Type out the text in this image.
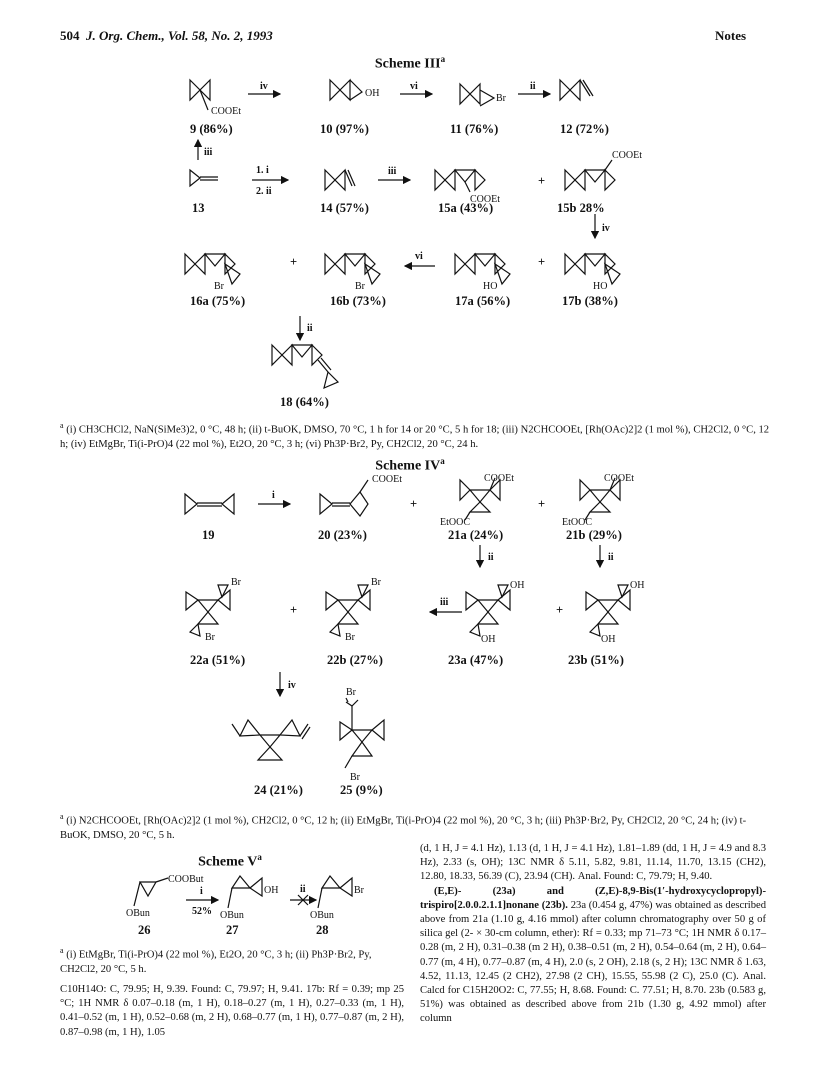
504 J. Org. Chem., Vol. 58, No. 2, 1993	Notes
Scheme III$^a$
COOEt
OH	Br
iv	vi	ii
9 (86%)	10 (97%)	11 (76%)	12 (72%)
iii
1. i
2. ii
iii
COOEt
COOEt
+
13	14 (57%)	15a (43%)	15b 28%
iv
Br	Br	HO	HO
+	+
vi
16a (75%)	16b (73%)	17a (56%)	17b (38%)
ii
18 (64%)
$^a$ (i) CH3CHCl2, NaN(SiMe3)2, 0 °C, 48 h; (ii) t-BuOK, DMSO, 70 °C, 1 h for 14 or 20 °C, 5 h for 18; (iii) N2CHCOOEt, [Rh(OAc)2]2 (1 mol %), CH2Cl2, 0 °C, 12 h; (iv) EtMgBr, Ti(i-PrO)4 (22 mol %), Et2O, 20 °C, 3 h; (vi) Ph3P·Br2, Py, CH2Cl2, 20 °C, 24 h.
Scheme $IV^a$
i
COOEt	COOEt	COOEt
EtOOC	EtOOC
+	+
19	20 (23%)	21a (24%)	21b (29%)
ii	ii
Br	Br	OH	OH
Br	Br	OH	OH
+	+
iii
22a (51%)	22b (27%)	23a (47%)	23b (51%)
iv
Br
Br
24 (21%)	25 (9%)
$^a$ (i) N2CHCOOEt, [Rh(OAc)2]2 (1 mol %), CH2Cl2, 0 °C, 12 h; (ii) EtMgBr, Ti(i-PrO)4 (22 mol %), 20 °C, 3 h; (iii) Ph3P·Br2, Py, CH2Cl2, 20 °C, 24 h; (iv) t-BuOK, DMSO, 20 °C, 5 h.
Scheme $V^a$
COOBut
OBun
OH
OBun
Br
OBun
i
52%
ii
26	27	28
$^a$ (i) EtMgBr, Ti(i-PrO)4 (22 mol %), Et2O, 20 °C, 3 h; (ii) Ph3P·Br2, Py, CH2Cl2, 20 °C, 5 h.

C10H14O: C, 79.95; H, 9.39. Found: C, 79.97; H, 9.41. 17b: Rf = 0.39; mp 25 °C; 1H NMR δ 0.07–0.18 (m, 1 H), 0.18–0.27 (m, 1 H), 0.27–0.33 (m, 1 H), 0.41–0.52 (m, 1 H), 0.52–0.68 (m, 2 H), 0.68–0.77 (m, 1 H), 0.77–0.87 (m, 2 H), 0.87–0.98 (m, 1 H), 1.05

(d, 1 H, J = 4.1 Hz), 1.13 (d, 1 H, J = 4.1 Hz), 1.81–1.89 (dd, 1 H, J = 4.9 and 8.3 Hz), 2.33 (s, OH); 13C NMR δ 5.11, 5.82, 9.81, 11.14, 11.70, 13.15 (CH2), 12.80, 18.33, 56.39 (C), 23.94 (CH). Anal. Found: C, 79.79; H, 9.40.

(E,E)- (23a) and (Z,E)-8,9-Bis(1′-hydroxycyclopropyl)-trispiro[2.0.0.2.1.1]nonane (23b). 23a (0.454 g, 47%) was obtained as described above from 21a (1.10 g, 4.16 mmol) after column chromatography over 50 g of silica gel (2- × 30-cm column, ether): Rf = 0.33; mp 71–73 °C; 1H NMR δ 0.17–0.28 (m, 2 H), 0.31–0.38 (m 2 H), 0.38–0.51 (m, 2 H), 0.54–0.64 (m, 2 H), 0.64–0.77 (m, 4 H), 0.77–0.87 (m, 4 H), 2.0 (s, 2 OH), 2.18 (s, 2 H); 13C NMR δ 1.63, 4.52, 11.13, 12.45 (2 CH2), 27.98 (2 CH), 15.55, 55.98 (2 C), 25.0 (C). Anal. Calcd for C15H20O2: C, 77.55; H, 8.68. Found: C. 77.51; H, 8.70. 23b (0.583 g, 51%) was obtained as described above from 21b (1.30 g, 4.92 mmol) after column
